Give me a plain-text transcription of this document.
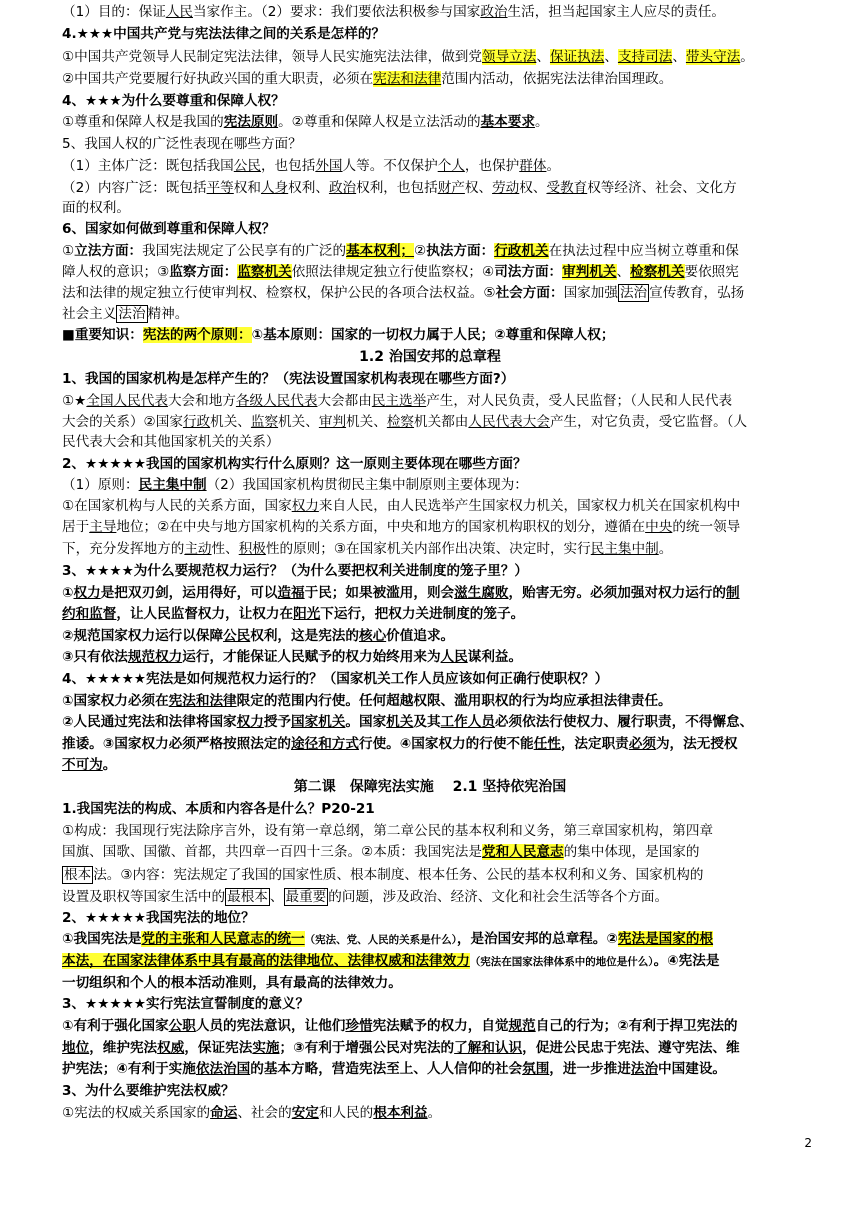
（1）目的：保证人民当家作主。（2）要求：我们要依法积极参与国家政治生活，担当起国家主人应尽的责任。
4.★★★中国共产党与宪法法律之间的关系是怎样的？
①中国共产党领导人民制定宪法法律，领导人民实施宪法法律，做到党领导立法、保证执法、支持司法、带头守法。
②中国共产党要履行好执政兴国的重大职责，必须在宪法和法律范围内活动，依据宪法法律治国理政。
4、★★★为什么要尊重和保障人权？
①尊重和保障人权是我国的宪法原则。②尊重和保障人权是立法活动的基本要求。
5、我国人权的广泛性表现在哪些方面？
（1）主体广泛：既包括我国公民，也包括外国人等。不仅保护个人，也保护群体。
（2）内容广泛：既包括平等权和人身权利、政治权利，也包括财产权、劳动权、受教育权等经济、社会、文化方
面的权利。
6、国家如何做到尊重和保障人权？
①立法方面：我国宪法规定了公民享有的广泛的基本权利；②执法方面：行政机关在执法过程中应当树立尊重和保
障人权的意识；③监察方面：监察机关依照法律规定独立行使监察权；④司法方面：审判机关、检察机关要依照宪
法和法律的规定独立行使审判权、检察权，保护公民的各项合法权益。⑤社会方面：国家加强 法治 宣传教育，弘扬
社会主义 法治 精神。
■重要知识：宪法的两个原则：①基本原则：国家的一切权力属于人民；②尊重和保障人权；
1.2 治国安邦的总章程
1、我国的国家机构是怎样产生的？（宪法设置国家机构表现在哪些方面?）
①★全国人民代表大会和地方各级人民代表大会都由民主选举产生，对人民负责，受人民监督；（人民和人民代表
大会的关系）②国家行政机关、监察机关、审判机关、检察机关都由人民代表大会产生，对它负责，受它监督。（人
民代表大会和其他国家机关的关系）
2、★★★★★我国的国家机构实行什么原则？这一原则主要体现在哪些方面？
（1）原则：民主集中制（2）我国国家机构贯彻民主集中制原则主要体现为：
①在国家机构与人民的关系方面，国家权力来自人民，由人民选举产生国家权力机关，国家权力机关在国家机构中
居于主导地位；②在中央与地方国家机构的关系方面，中央和地方的国家机构职权的划分，遵循在中央的统一领导
下，充分发挥地方的主动性、积极性的原则；③在国家机关内部作出决策、决定时，实行民主集中制。
3、★★★★为什么要规范权力运行？（为什么要把权利关进制度的笼子里？）
①权力是把双刃剑，运用得好，可以造福于民；如果被滥用，则会滋生腐败，贻害无穷。必须加强对权力运行的制
约和监督，让人民监督权力，让权力在阳光下运行，把权力关进制度的笼子。
②规范国家权力运行以保障公民权利，这是宪法的核心价值追求。
③只有依法规范权力运行，才能保证人民赋予的权力始终用来为人民谋利益。
4、★★★★★宪法是如何规范权力运行的？（国家机关工作人员应该如何正确行使职权？）
①国家权力必须在宪法和法律限定的范围内行使。任何超越权限、滥用职权的行为均应承担法律责任。
②人民通过宪法和法律将国家权力授予国家机关。国家机关及其工作人员必须依法行使权力、履行职责，不得懈怠、
推诿。③国家权力必须严格按照法定的途径和方式行使。④国家权力的行使不能任性，法定职责必须为，法无授权
不可为。
第二课　保障宪法实施　 2.1 坚持依宪治国
1.我国宪法的构成、本质和内容各是什么？P20-21
①构成：我国现行宪法除序言外，设有第一章总纲，第二章公民的基本权利和义务，第三章国家机构，第四章
国旗、国歌、国徽、首都，共四章一百四十三条。②本质：我国宪法是党和人民意志的集中体现，是国家的
根本 法。③内容：宪法规定了我国的国家性质、根本制度、根本任务、公民的基本权利和义务、国家机构的
设置及职权等国家生活中的 最根本 、 最重要 的问题，涉及政治、经济、文化和社会生活等各个方面。
2、★★★★★我国宪法的地位？
①我国宪法是党的主张和人民意志的统一（宪法、党、人民的关系是什么），是治国安邦的总章程。②宪法是国家的根
本法，在国家法律体系中具有最高的法律地位、法律权威和法律效力（宪法在国家法律体系中的地位是什么）。④宪法是
一切组织和个人的根本活动准则，具有最高的法律效力。
3、★★★★★实行宪法宣誓制度的意义？
①有利于强化国家公职人员的宪法意识，让他们珍惜宪法赋予的权力，自觉规范自己的行为；②有利于捍卫宪法的
地位，维护宪法权威，保证宪法实施；③有利于增强公民对宪法的了解和认识，促进公民忠于宪法、遵守宪法、维
护宪法；④有利于实施依法治国的基本方略，营造宪法至上、人人信仰的社会氛围，进一步推进法治中国建设。
3、为什么要维护宪法权威？
①宪法的权威关系国家的命运、社会的安定和人民的根本利益。
2
